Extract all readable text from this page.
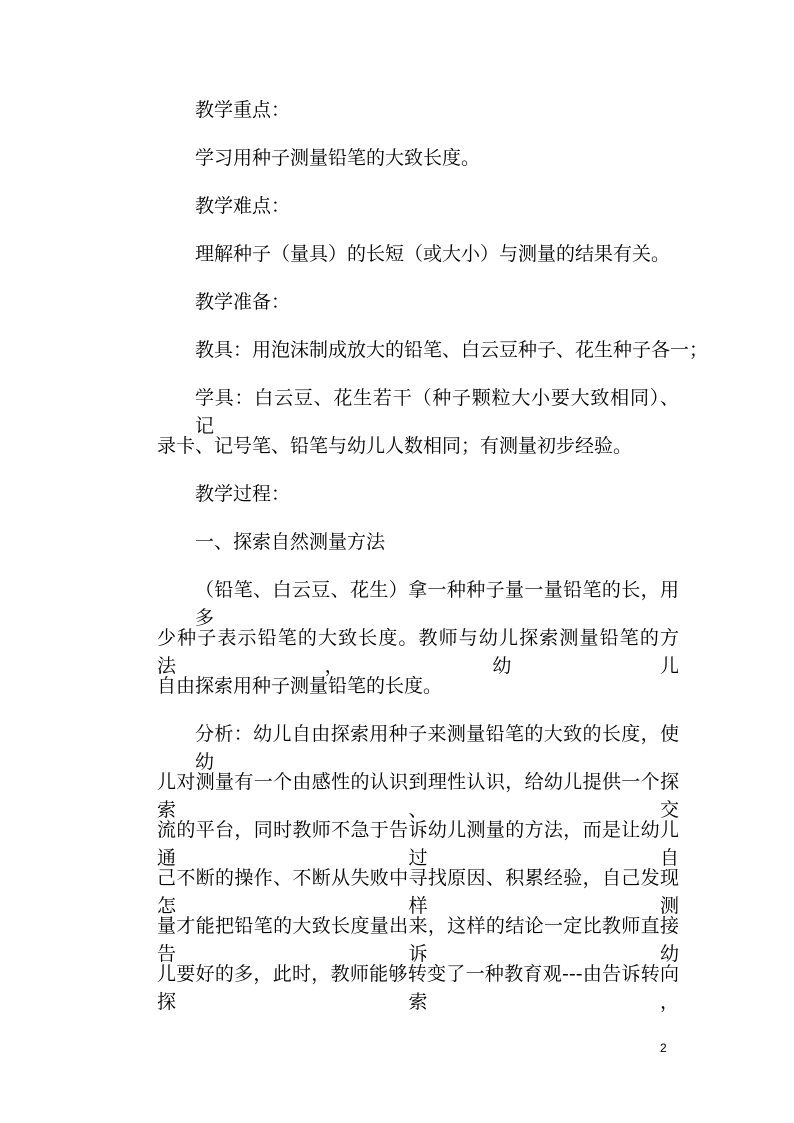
教学重点：
学习用种子测量铅笔的大致长度。
教学难点：
理解种子（量具）的长短（或大小）与测量的结果有关。
教学准备：
教具：用泡沫制成放大的铅笔、白云豆种子、花生种子各一；
学具：白云豆、花生若干（种子颗粒大小要大致相同）、记
录卡、记号笔、铅笔与幼儿人数相同；有测量初步经验。
教学过程：
一、探索自然测量方法
（铅笔、白云豆、花生）拿一种种子量一量铅笔的长，用多
少种子表示铅笔的大致长度。教师与幼儿探索测量铅笔的方法，幼儿
自由探索用种子测量铅笔的长度。
分析：幼儿自由探索用种子来测量铅笔的大致的长度，使幼
儿对测量有一个由感性的认识到理性认识，给幼儿提供一个探索、交
流的平台，同时教师不急于告诉幼儿测量的方法，而是让幼儿通过自
己不断的操作、不断从失败中寻找原因、积累经验，自己发现怎样测
量才能把铅笔的大致长度量出来，这样的结论一定比教师直接告诉幼
儿要好的多，此时，教师能够转变了一种教育观---由告诉转向探索，
2
